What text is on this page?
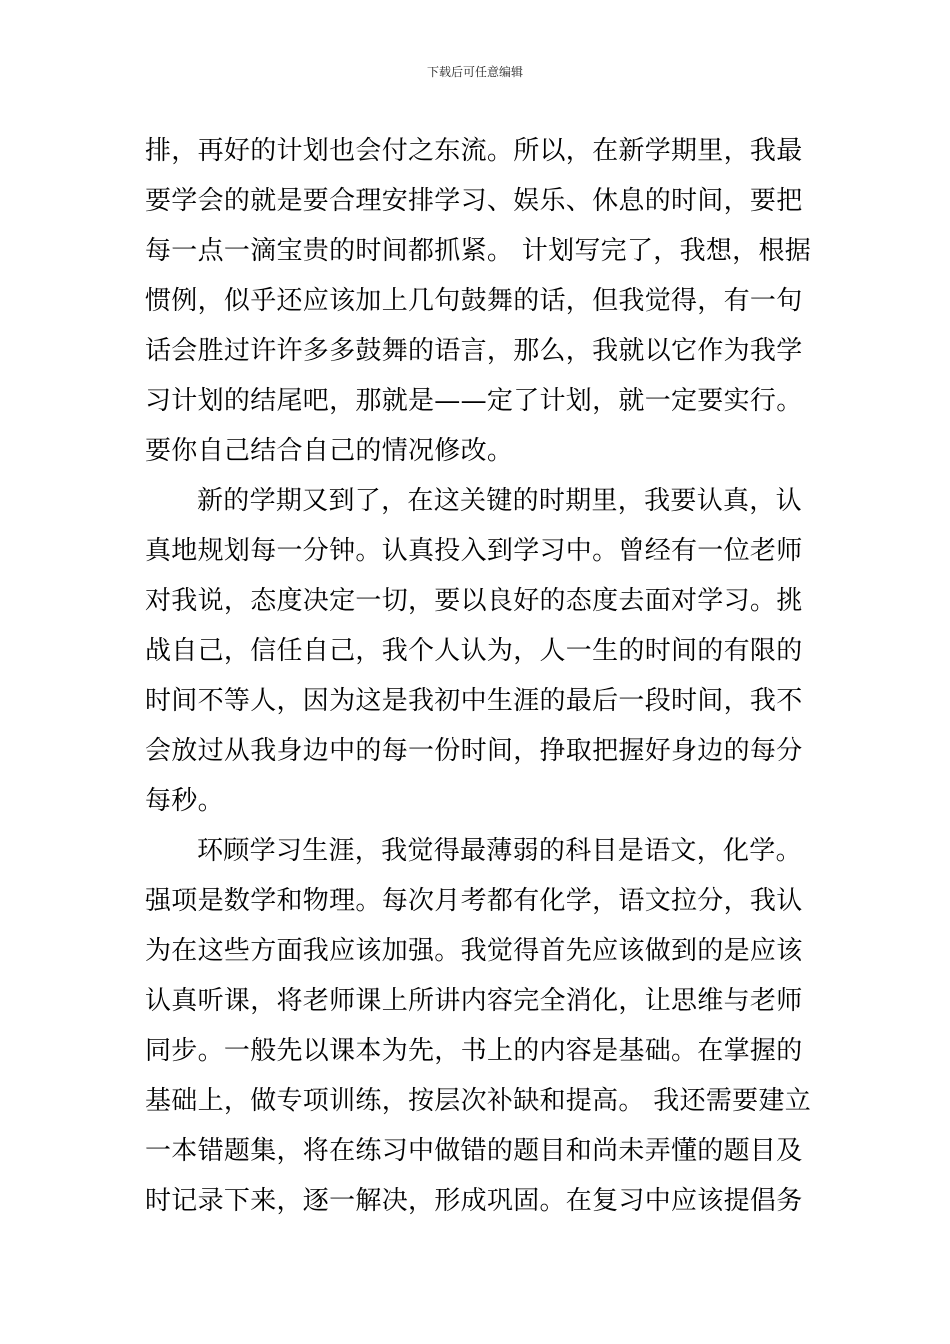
下载后可任意编辑
排，再好的计划也会付之东流。所以，在新学期里，我最
要学会的就是要合理安排学习、娱乐、休息的时间，要把
每一点一滴宝贵的时间都抓紧。 计划写完了，我想，根据
惯例，似乎还应该加上几句鼓舞的话，但我觉得，有一句
话会胜过许许多多鼓舞的语言，那么，我就以它作为我学
习计划的结尾吧，那就是——定了计划，就一定要实行。
要你自己结合自己的情况修改。
新的学期又到了，在这关键的时期里，我要认真，认
真地规划每一分钟。认真投入到学习中。曾经有一位老师
对我说，态度决定一切，要以良好的态度去面对学习。挑
战自己，信任自己，我个人认为，人一生的时间的有限的
时间不等人，因为这是我初中生涯的最后一段时间，我不
会放过从我身边中的每一份时间，挣取把握好身边的每分
每秒。
环顾学习生涯，我觉得最薄弱的科目是语文，化学。
强项是数学和物理。每次月考都有化学，语文拉分，我认
为在这些方面我应该加强。我觉得首先应该做到的是应该
认真听课，将老师课上所讲内容完全消化，让思维与老师
同步。一般先以课本为先，书上的内容是基础。在掌握的
基础上，做专项训练，按层次补缺和提高。 我还需要建立
一本错题集，将在练习中做错的题目和尚未弄懂的题目及
时记录下来，逐一解决，形成巩固。在复习中应该提倡务
